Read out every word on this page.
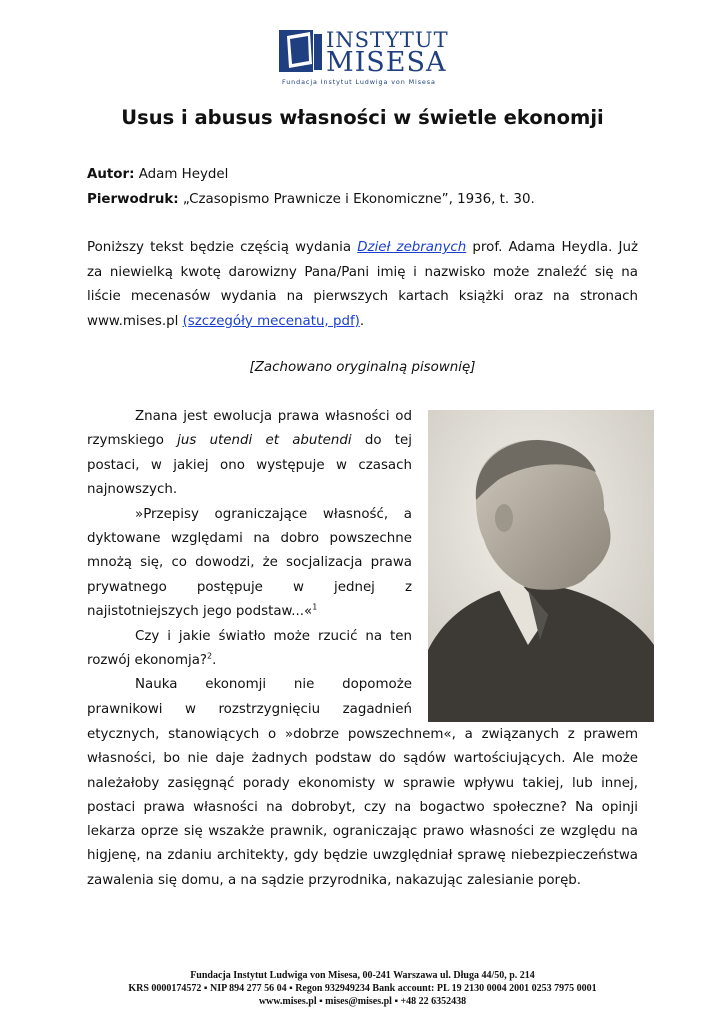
INSTYTUT
MISESA
Fundacja Instytut Ludwiga von Misesa
Usus i abusus własności w świetle ekonomji
Autor: Adam Heydel
Pierwodruk: „Czasopismo Prawnicze i Ekonomiczne”, 1936, t. 30.

Poniższy tekst będzie częścią wydania Dzieł zebranych prof. Adama Heydla. Już za niewielką kwotę darowizny Pana/Pani imię i nazwisko może znaleźć się na liście mecenasów wydania na pierwszych kartach książki oraz na stronach www.mises.pl (szczegóły mecenatu, pdf).

[Zachowano oryginalną pisownię]

Znana jest ewolucja prawa własności od rzymskiego jus utendi et abutendi do tej postaci, w jakiej ono występuje w czasach najnowszych.

»Przepisy ograniczające własność, a dyktowane względami na dobro powszechne mnożą się, co dowodzi, że socjalizacja prawa prywatnego postępuje w jednej z najistotniejszych jego podstaw...«$^1$

Czy i jakie światło może rzucić na ten rozwój ekonomja?$^2$.

Nauka ekonomji nie dopomoże prawnikowi w rozstrzygnięciu zagadnień

etycznych, stanowiących o »dobrze powszechnem«, a związanych z prawem własności, bo nie daje żadnych podstaw do sądów wartościujących. Ale może należałoby zasięgnąć porady ekonomisty w sprawie wpływu takiej, lub innej, postaci prawa własności na dobrobyt, czy na bogactwo społeczne? Na opinji lekarza oprze się wszakże prawnik, ograniczając prawo własności ze względu na higjenę, na zdaniu architekty, gdy będzie uwzględniał sprawę niebezpieczeństwa zawalenia się domu, a na sądzie przyrodnika, nakazując zalesianie poręb.

Fundacja Instytut Ludwiga von Misesa, 00-241 Warszawa ul. Długa 44/50, p. 214
KRS 0000174572 ▪ NIP 894 277 56 04 ▪ Regon 932949234 Bank account: PL 19 2130 0004 2001 0253 7975 0001
www.mises.pl ▪ mises@mises.pl ▪ +48 22 6352438
